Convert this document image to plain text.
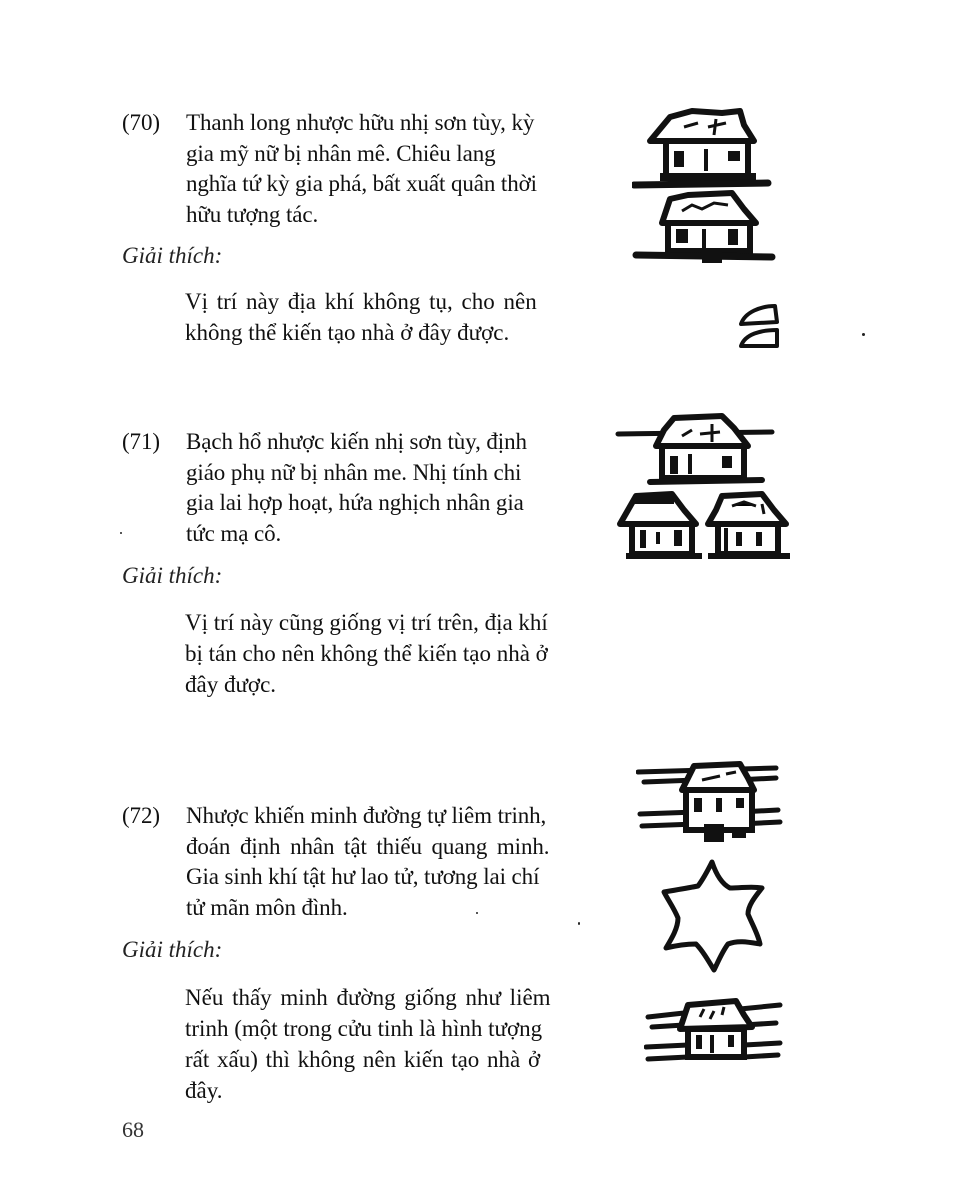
(70) Thanh long nhược hữu nhị sơn tùy, kỳ
gia mỹ nữ bị nhân mê. Chiêu lang
nghĩa tứ kỳ gia phá, bất xuất quân thời
hữu tượng tác.
Giải thích:
Vị trí này địa khí không tụ, cho nên
không thể kiến tạo nhà ở đây được.
(71) Bạch hổ nhược kiến nhị sơn tùy, định
giáo phụ nữ bị nhân me. Nhị tính chi
gia lai hợp hoạt, hứa nghịch nhân gia
tức mạ cô.
Giải thích:
Vị trí này cũng giống vị trí trên, địa khí
bị tán cho nên không thể kiến tạo nhà ở
đây được.
(72) Nhược khiến minh đường tự liêm trinh,
đoán định nhân tật thiếu quang minh.
Gia sinh khí tật hư lao tử, tương lai chí
tử mãn môn đình.
Giải thích:
Nếu thấy minh đường giống như liêm
trinh (một trong cửu tinh là hình tượng
rất xấu) thì không nên kiến tạo nhà ở
đây.
68
